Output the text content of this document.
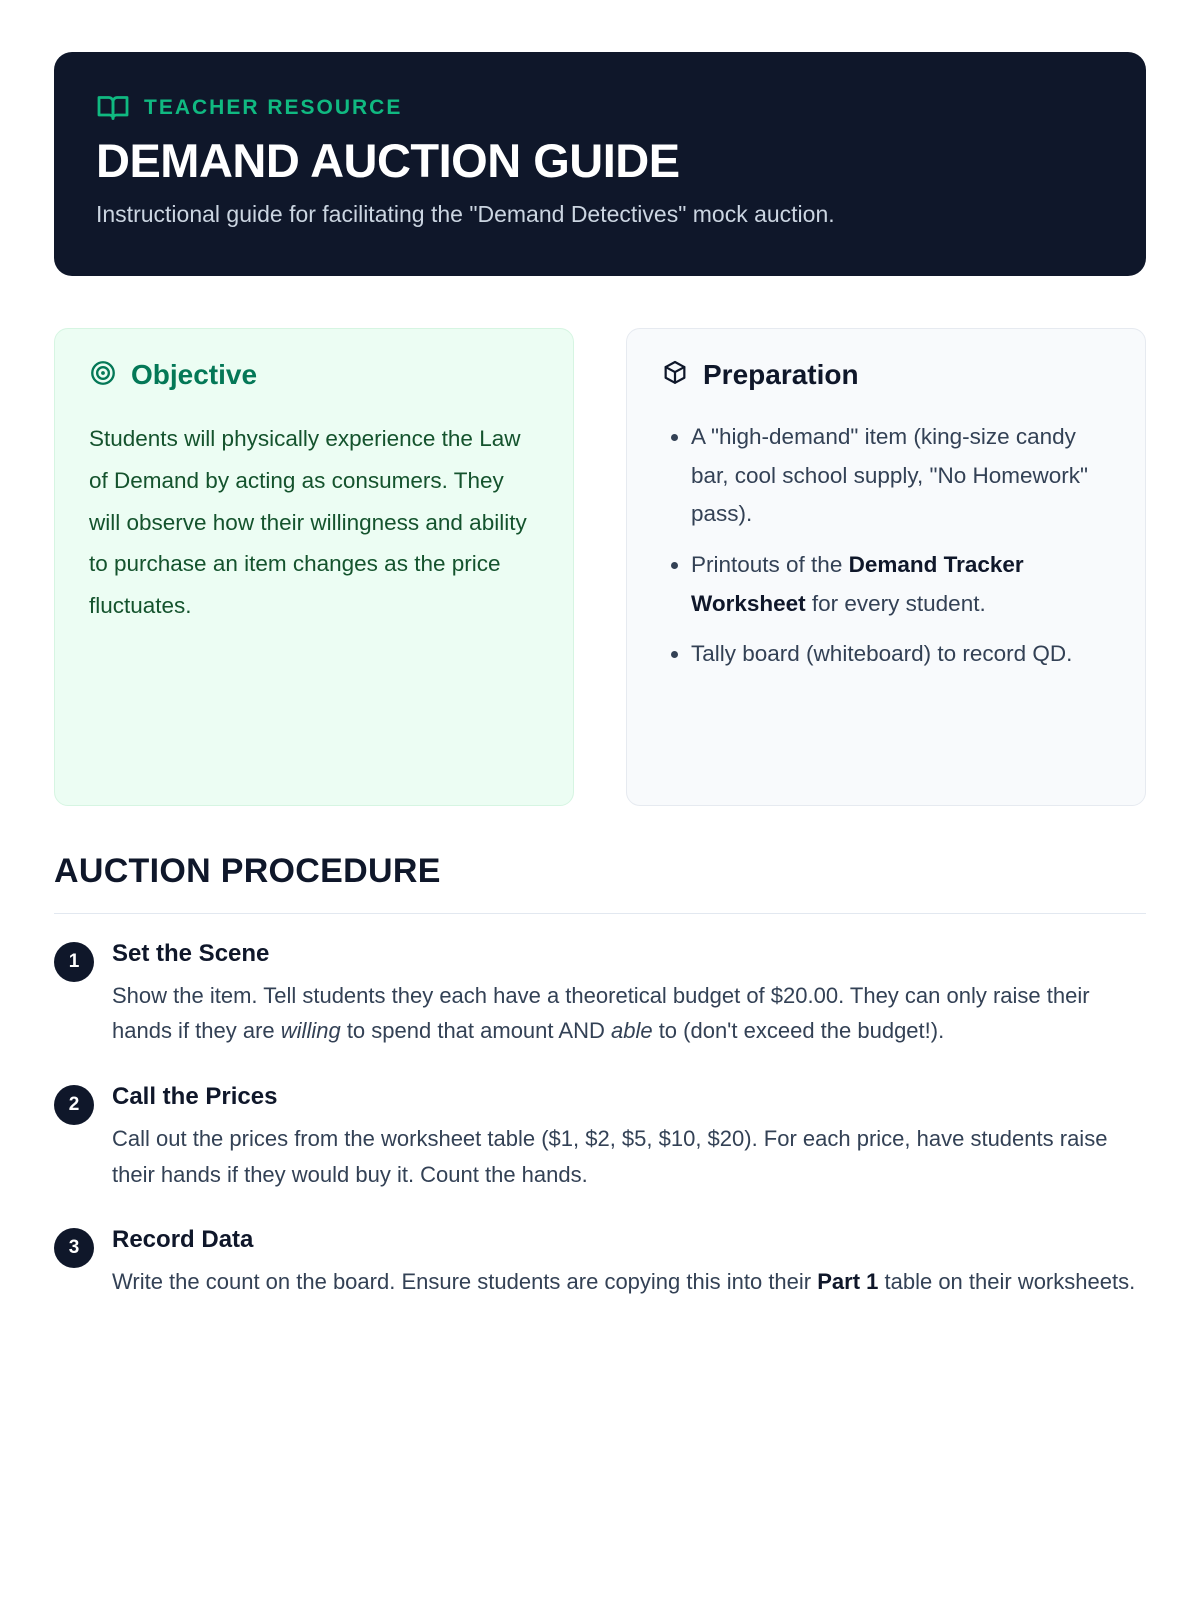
TEACHER RESOURCE
DEMAND AUCTION GUIDE
Instructional guide for facilitating the "Demand Detectives" mock auction.
Objective
Students will physically experience the Law of Demand by acting as consumers. They will observe how their willingness and ability to purchase an item changes as the price fluctuates.
Preparation
• A "high-demand" item (king-size candy bar, cool school supply, "No Homework" pass).
• Printouts of the Demand Tracker Worksheet for every student.
• Tally board (whiteboard) to record QD.
AUCTION PROCEDURE
1	Set the Scene
Show the item. Tell students they each have a theoretical budget of $20.00. They can only raise their hands if they are willing to spend that amount AND able to (don't exceed the budget!).
2	Call the Prices
Call out the prices from the worksheet table ($1, $2, $5, $10, $20). For each price, have students raise their hands if they would buy it. Count the hands.
3	Record Data
Write the count on the board. Ensure students are copying this into their Part 1 table on their worksheets.
